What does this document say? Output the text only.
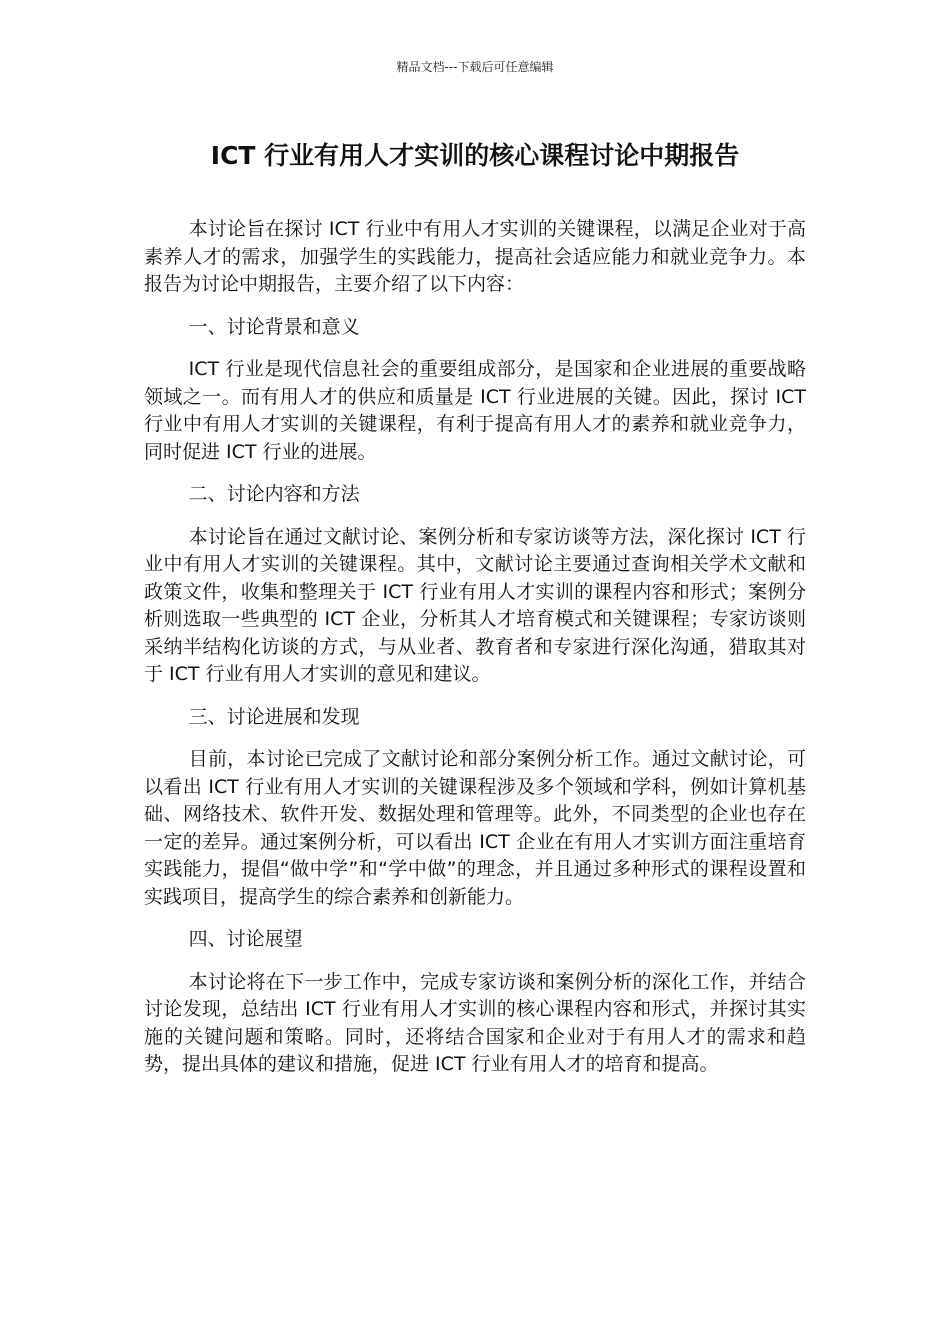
精品文档---下载后可任意编辑
ICT 行业有用人才实训的核心课程讨论中期报告

本讨论旨在探讨 ICT 行业中有用人才实训的关键课程，以满足企业对于高素养人才的需求，加强学生的实践能力，提高社会适应能力和就业竞争力。本报告为讨论中期报告，主要介绍了以下内容：

一、讨论背景和意义

ICT 行业是现代信息社会的重要组成部分，是国家和企业进展的重要战略领域之一。而有用人才的供应和质量是 ICT 行业进展的关键。因此，探讨 ICT 行业中有用人才实训的关键课程，有利于提高有用人才的素养和就业竞争力，同时促进 ICT 行业的进展。

二、讨论内容和方法

本讨论旨在通过文献讨论、案例分析和专家访谈等方法，深化探讨 ICT 行业中有用人才实训的关键课程。其中，文献讨论主要通过查询相关学术文献和政策文件，收集和整理关于 ICT 行业有用人才实训的课程内容和形式；案例分析则选取一些典型的 ICT 企业，分析其人才培育模式和关键课程；专家访谈则采纳半结构化访谈的方式，与从业者、教育者和专家进行深化沟通，猎取其对于 ICT 行业有用人才实训的意见和建议。

三、讨论进展和发现

目前，本讨论已完成了文献讨论和部分案例分析工作。通过文献讨论，可以看出 ICT 行业有用人才实训的关键课程涉及多个领域和学科，例如计算机基础、网络技术、软件开发、数据处理和管理等。此外，不同类型的企业也存在一定的差异。通过案例分析，可以看出 ICT 企业在有用人才实训方面注重培育实践能力，提倡“做中学”和“学中做”的理念，并且通过多种形式的课程设置和实践项目，提高学生的综合素养和创新能力。

四、讨论展望

本讨论将在下一步工作中，完成专家访谈和案例分析的深化工作，并结合讨论发现，总结出 ICT 行业有用人才实训的核心课程内容和形式，并探讨其实施的关键问题和策略。同时，还将结合国家和企业对于有用人才的需求和趋势，提出具体的建议和措施，促进 ICT 行业有用人才的培育和提高。
